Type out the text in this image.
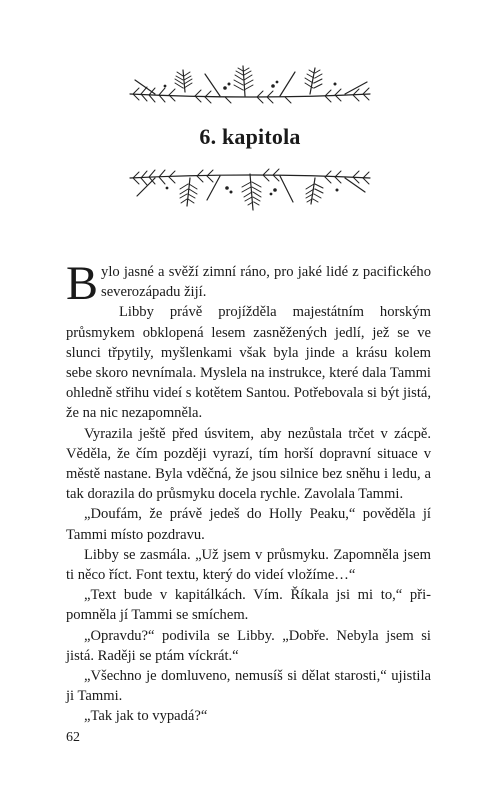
6. kapitola

Bylo jasné a svěží zimní ráno, pro jaké lidé z pacifického severozápadu žijí.

Libby právě projížděla majestátním horským průsmykem obklopená lesem zasněžených jedlí, jež se ve slunci třpytily, myšlenkami však byla jinde a krásu kolem sebe skoro nevnímala. Myslela na instrukce, které dala Tammi ohledně střihu videí s kotětem Santou. Potřebovala si být jistá, že na nic nezapomněla.

Vyrazila ještě před úsvitem, aby nezůstala trčet v zácpě. Věděla, že čím později vyrazí, tím horší dopravní situace v městě nastane. Byla vděčná, že jsou silnice bez sněhu i ledu, a tak dorazila do průsmyku docela rychle. Zavolala Tammi.

„Doufám, že právě jedeš do Holly Peaku,“ pověděla jí Tammi místo pozdravu.

Libby se zasmála. „Už jsem v průsmyku. Zapomněla jsem ti něco říct. Font textu, který do videí vložíme…“

„Text bude v kapitálkách. Vím. Říkala jsi mi to,“ připomněla jí Tammi se smíchem.

„Opravdu?“ podivila se Libby. „Dobře. Nebyla jsem si jistá. Raději se ptám víckrát.“

„Všechno je domluveno, nemusíš si dělat starosti,“ ujistila ji Tammi.

„Tak jak to vypadá?“

62
